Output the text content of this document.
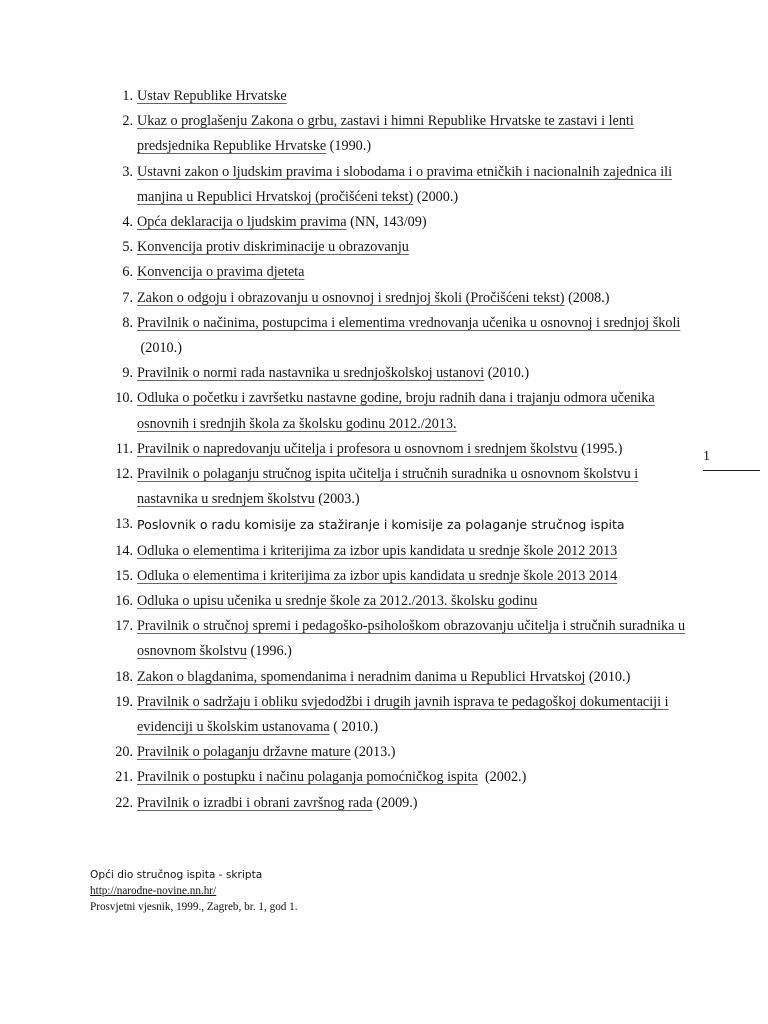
1. Ustav Republike Hrvatske
2. Ukaz o proglašenju Zakona o grbu, zastavi i himni Republike Hrvatske te zastavi i lenti predsjednika Republike Hrvatske (1990.)
3. Ustavni zakon o ljudskim pravima i slobodama i o pravima etničkih i nacionalnih zajednica ili manjina u Republici Hrvatskoj (pročišćeni tekst) (2000.)
4. Opća deklaracija o ljudskim pravima (NN, 143/09)
5. Konvencija protiv diskriminacije u obrazovanju
6. Konvencija o pravima djeteta
7. Zakon o odgoju i obrazovanju u osnovnoj i srednjoj školi (Pročišćeni tekst) (2008.)
8. Pravilnik o načinima, postupcima i elementima vrednovanja učenika u osnovnoj i srednjoj školi (2010.)
9. Pravilnik o normi rada nastavnika u srednjoškolskoj ustanovi (2010.)
10. Odluka o početku i završetku nastavne godine, broju radnih dana i trajanju odmora učenika osnovnih i srednjih škola za školsku godinu 2012./2013.
11. Pravilnik o napredovanju učitelja i profesora u osnovnom i srednjem školstvu (1995.)
12. Pravilnik o polaganju stručnog ispita učitelja i stručnih suradnika u osnovnom školstvu i nastavnika u srednjem školstvu (2003.)
13. Poslovnik o radu komisije za stažiranje i komisije za polaganje stručnog ispita
14. Odluka o elementima i kriterijima za izbor upis kandidata u srednje škole 2012 2013
15. Odluka o elementima i kriterijima za izbor upis kandidata u srednje škole 2013 2014
16. Odluka o upisu učenika u srednje škole za 2012./2013. školsku godinu
17. Pravilnik o stručnoj spremi i pedagoško-psihološkom obrazovanju učitelja i stručnih suradnika u osnovnom školstvu (1996.)
18. Zakon o blagdanima, spomendanima i neradnim danima u Republici Hrvatskoj (2010.)
19. Pravilnik o sadržaju i obliku svjedodžbi i drugih javnih isprava te pedagoškoj dokumentaciji i evidenciji u školskim ustanovama ( 2010.)
20. Pravilnik o polaganju državne mature (2013.)
21. Pravilnik o postupku i načinu polaganja pomoćničkog ispita  (2002.)
22. Pravilnik o izradbi i obrani završnog rada (2009.)
1
Opći dio stručnog ispita - skripta
http://narodne-novine.nn.hr/
Prosvjetni vjesnik, 1999., Zagreb, br. 1, god 1.
